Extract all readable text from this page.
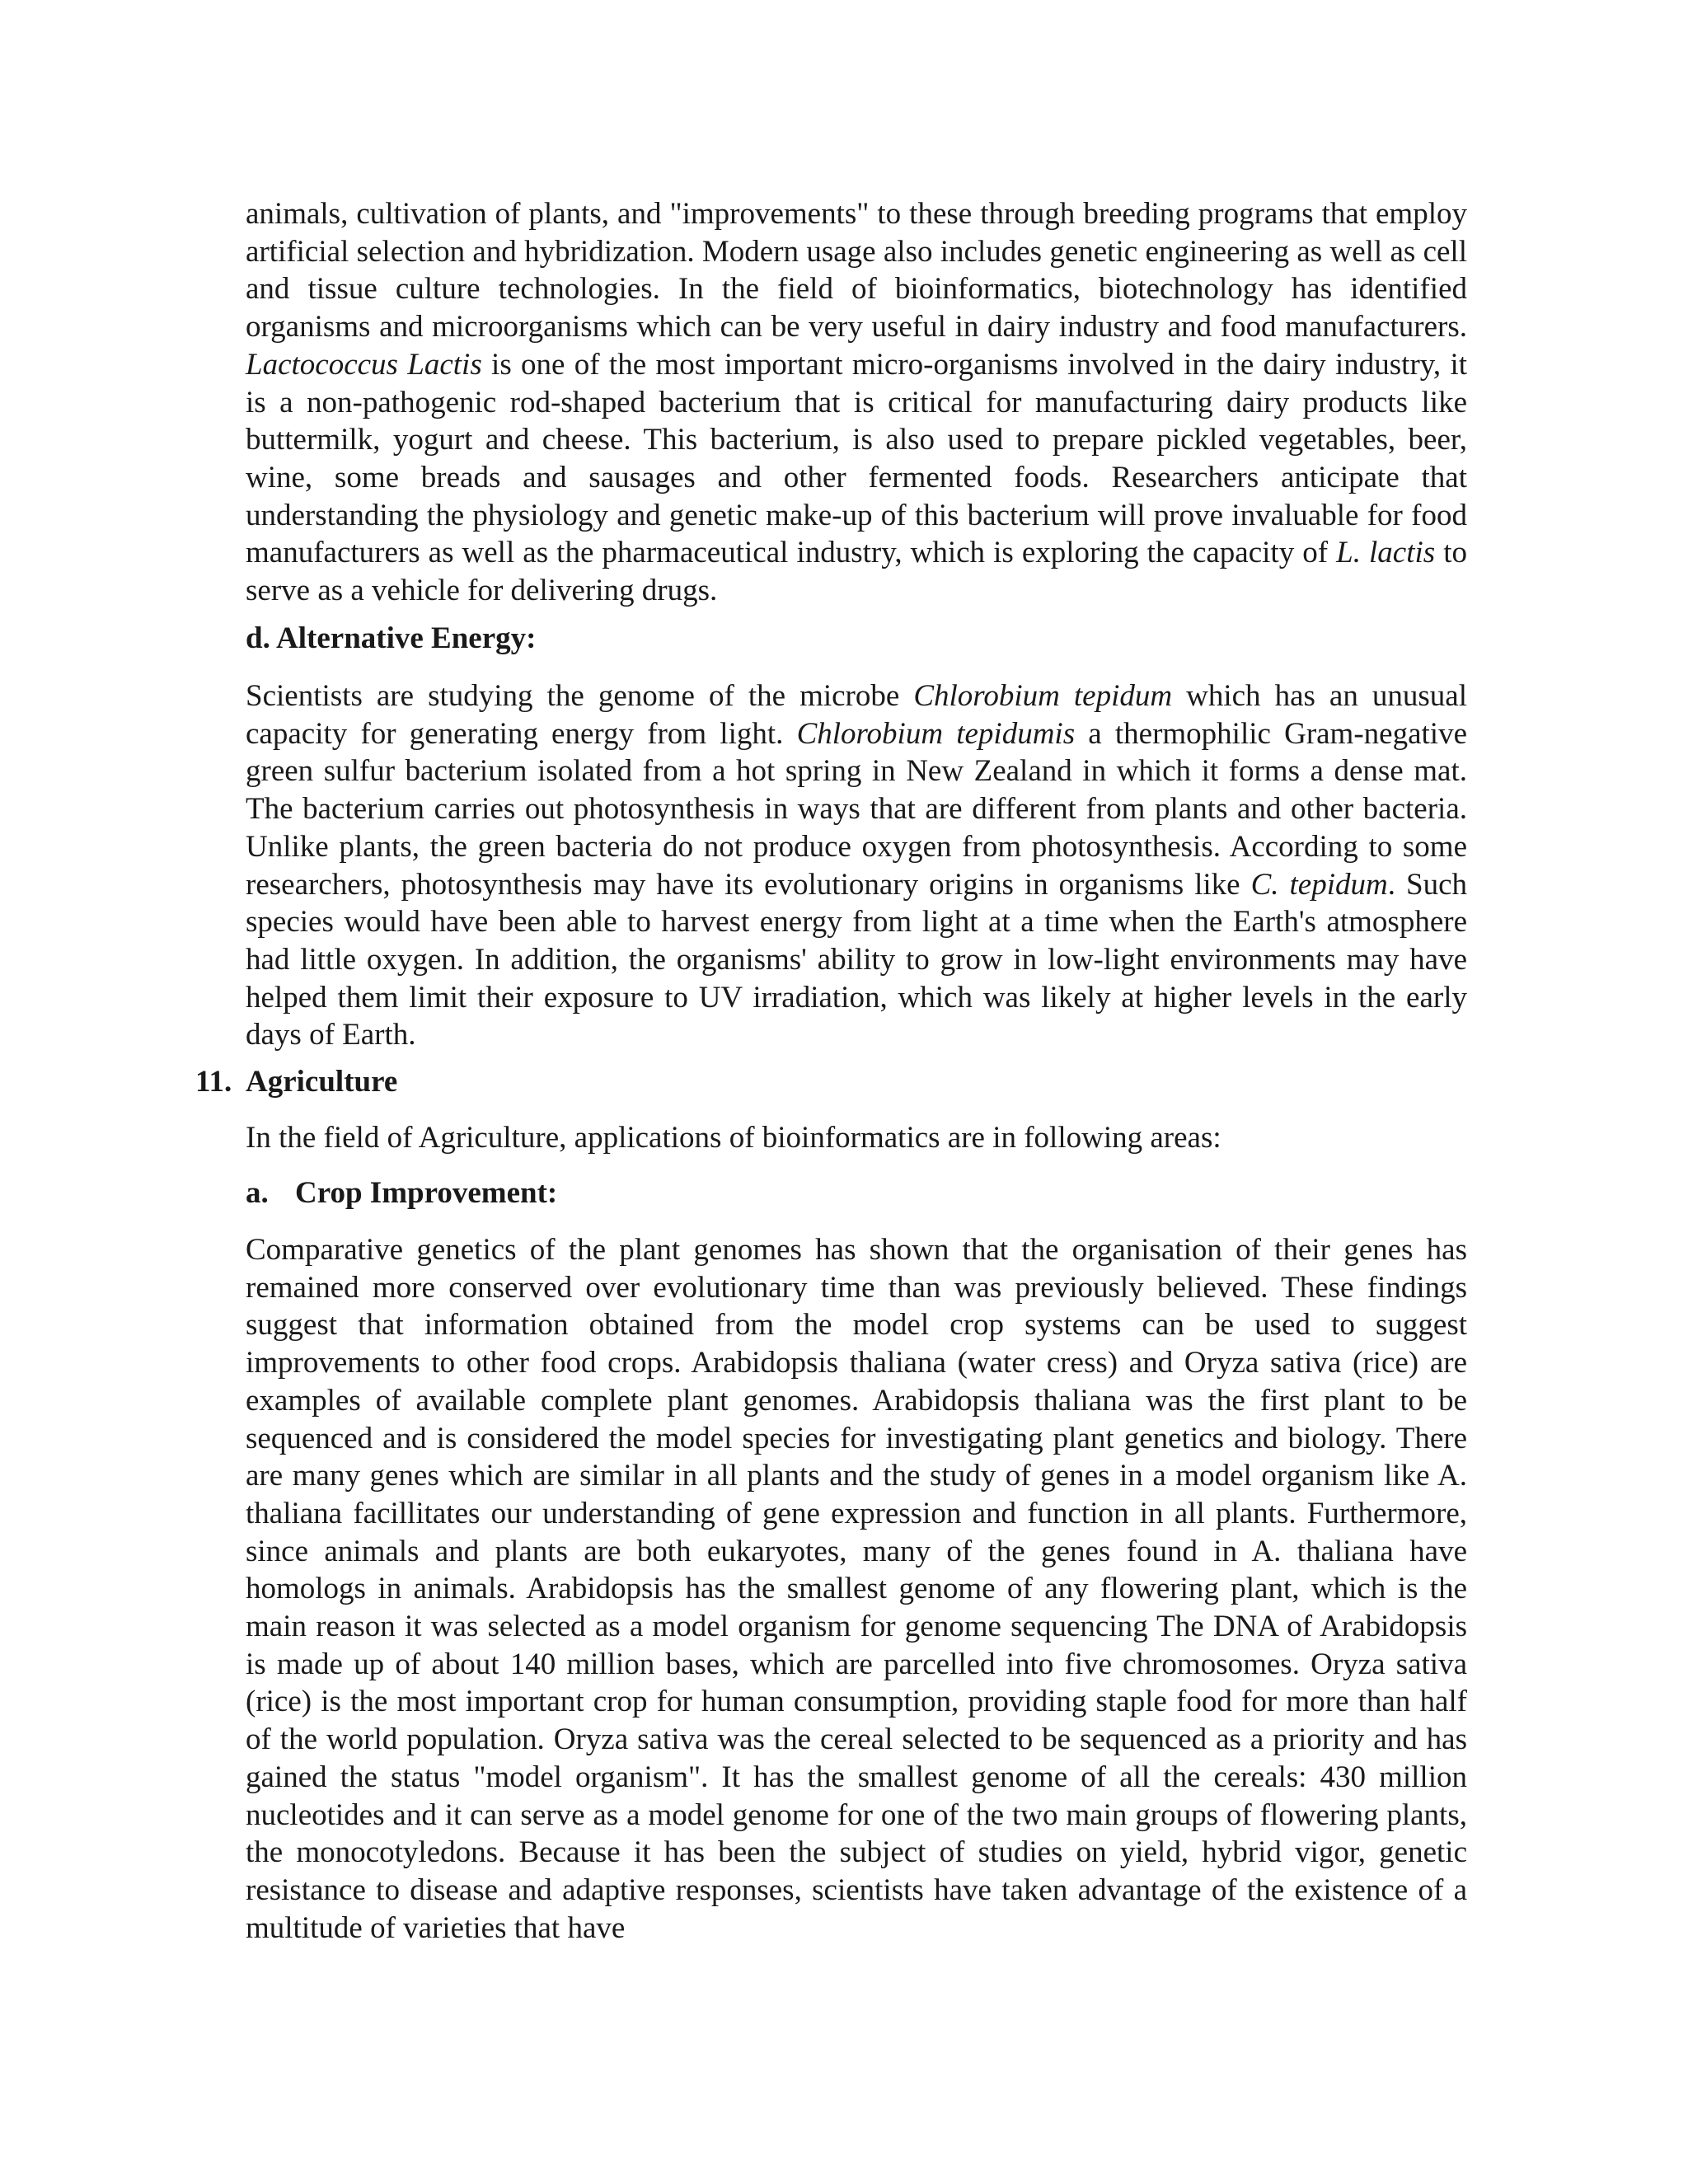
animals, cultivation of plants, and "improvements" to these through breeding programs that employ artificial selection and hybridization. Modern usage also includes genetic engineering as well as cell and tissue culture technologies. In the field of bioinformatics, biotechnology has identified organisms and microorganisms which can be very useful in dairy industry and food manufacturers. Lactococcus Lactis is one of the most important micro-organisms involved in the dairy industry, it is a non-pathogenic rod-shaped bacterium that is critical for manufacturing dairy products like buttermilk, yogurt and cheese. This bacterium, is also used to prepare pickled vegetables, beer, wine, some breads and sausages and other fermented foods. Researchers anticipate that understanding the physiology and genetic make-up of this bacterium will prove invaluable for food manufacturers as well as the pharmaceutical industry, which is exploring the capacity of L. lactis to serve as a vehicle for delivering drugs.

d. Alternative Energy:

Scientists are studying the genome of the microbe Chlorobium tepidum which has an unusual capacity for generating energy from light. Chlorobium tepidumis a thermophilic Gram-negative green sulfur bacterium isolated from a hot spring in New Zealand in which it forms a dense mat. The bacterium carries out photosynthesis in ways that are different from plants and other bacteria. Unlike plants, the green bacteria do not produce oxygen from photosynthesis. According to some researchers, photosynthesis may have its evolutionary origins in organisms like C. tepidum. Such species would have been able to harvest energy from light at a time when the Earth's atmosphere had little oxygen. In addition, the organisms' ability to grow in low-light environments may have helped them limit their exposure to UV irradiation, which was likely at higher levels in the early days of Earth.

11. Agriculture

In the field of Agriculture, applications of bioinformatics are in following areas:

a. Crop Improvement:

Comparative genetics of the plant genomes has shown that the organisation of their genes has remained more conserved over evolutionary time than was previously believed. These findings suggest that information obtained from the model crop systems can be used to suggest improvements to other food crops. Arabidopsis thaliana (water cress) and Oryza sativa (rice) are examples of available complete plant genomes. Arabidopsis thaliana was the first plant to be sequenced and is considered the model species for investigating plant genetics and biology. There are many genes which are similar in all plants and the study of genes in a model organism like A. thaliana facillitates our understanding of gene expression and function in all plants. Furthermore, since animals and plants are both eukaryotes, many of the genes found in A. thaliana have homologs in animals. Arabidopsis has the smallest genome of any flowering plant, which is the main reason it was selected as a model organism for genome sequencing The DNA of Arabidopsis is made up of about 140 million bases, which are parcelled into five chromosomes. Oryza sativa (rice) is the most important crop for human consumption, providing staple food for more than half of the world population. Oryza sativa was the cereal selected to be sequenced as a priority and has gained the status "model organism". It has the smallest genome of all the cereals: 430 million nucleotides and it can serve as a model genome for one of the two main groups of flowering plants, the monocotyledons. Because it has been the subject of studies on yield, hybrid vigor, genetic resistance to disease and adaptive responses, scientists have taken advantage of the existence of a multitude of varieties that have
